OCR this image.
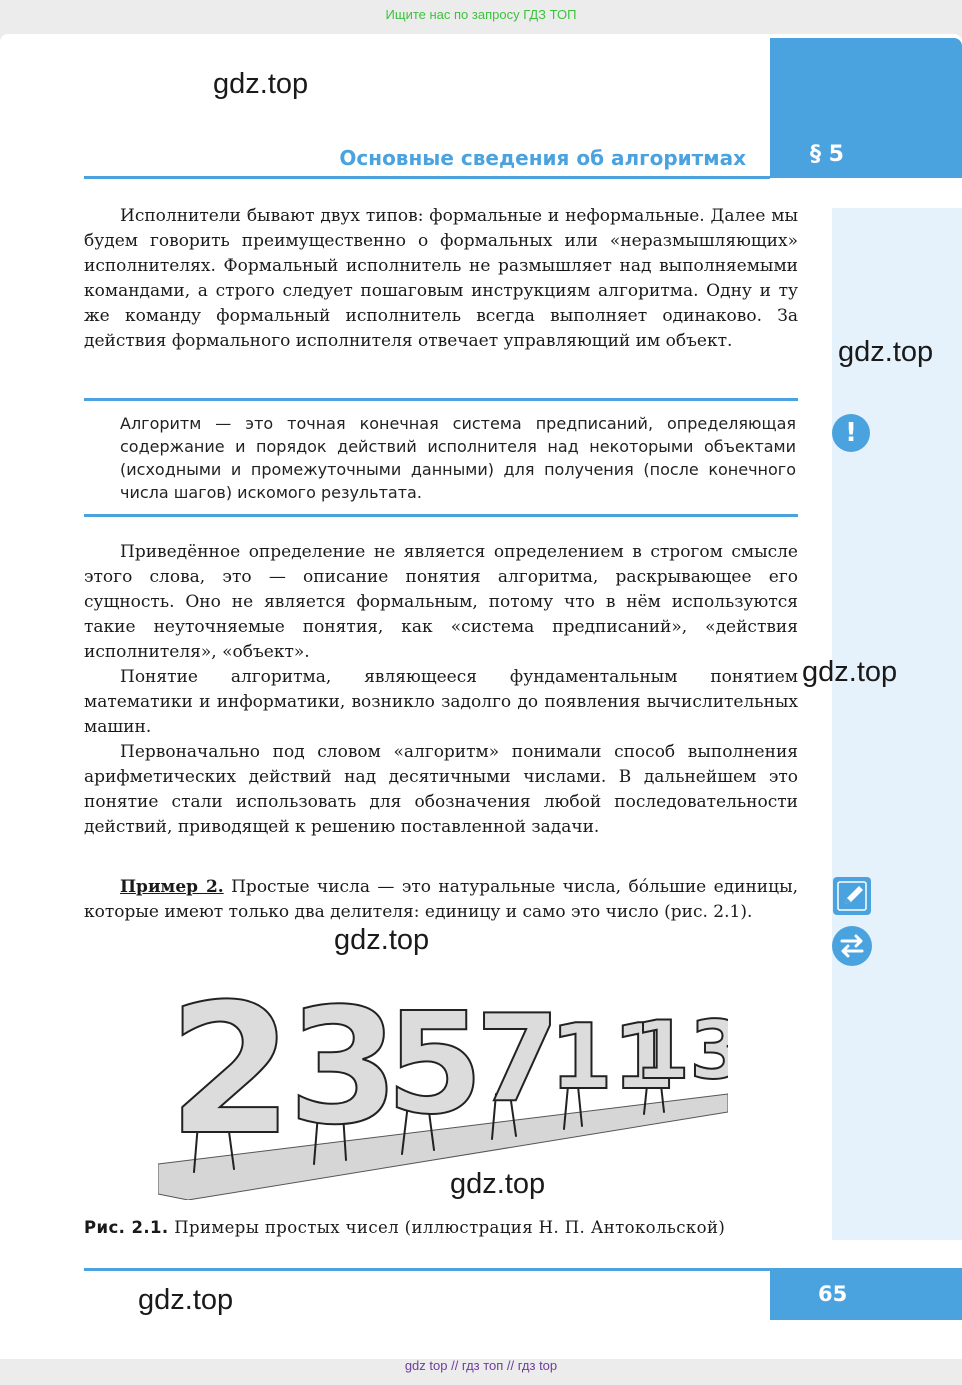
Ищите нас по запросу ГДЗ ТОП
§ 5
Основные сведения об алгоритмах
gdz.top
gdz.top
gdz.top
gdz.top
gdz.top
gdz.top
Исполнители бывают двух типов: формальные и неформальные. Далее мы будем говорить преимущественно о формальных или «неразмышляющих» исполнителях. Формальный исполнитель не размышляет над выполняемыми командами, а строго следует пошаговым инструкциям алгоритма. Одну и ту же команду формальный исполнитель всегда выполняет одинаково. За действия формального исполнителя отвечает управляющий им объект.
Алгоритм — это точная конечная система предписаний, определяющая содержание и порядок действий исполнителя над некоторыми объектами (исходными и промежуточными данными) для получения (после конечного числа шагов) искомого результата.
!
Приведённое определение не является определением в строгом смысле этого слова, это — описание понятия алгоритма, раскрывающее его сущность. Оно не является формальным, потому что в нём используются такие неуточняемые понятия, как «система предписаний», «действия исполнителя», «объект».
Понятие алгоритма, являющееся фундаментальным понятием математики и информатики, возникло задолго до появления вычислительных машин.
Первоначально под словом «алгоритм» понимали способ выполнения арифметических действий над десятичными числами. В дальнейшем это понятие стали использовать для обозначения любой последовательности действий, приводящей к решению поставленной задачи.
Пример 2. Простые числа — это натуральные числа, бóльшие единицы, которые имеют только два делителя: единицу и само это число (рис. 2.1).
2
3
5
7
11
13
Рис. 2.1. Примеры простых чисел (иллюстрация Н. П. Антокольской)
65
gdz top // гдз топ // гдз top
